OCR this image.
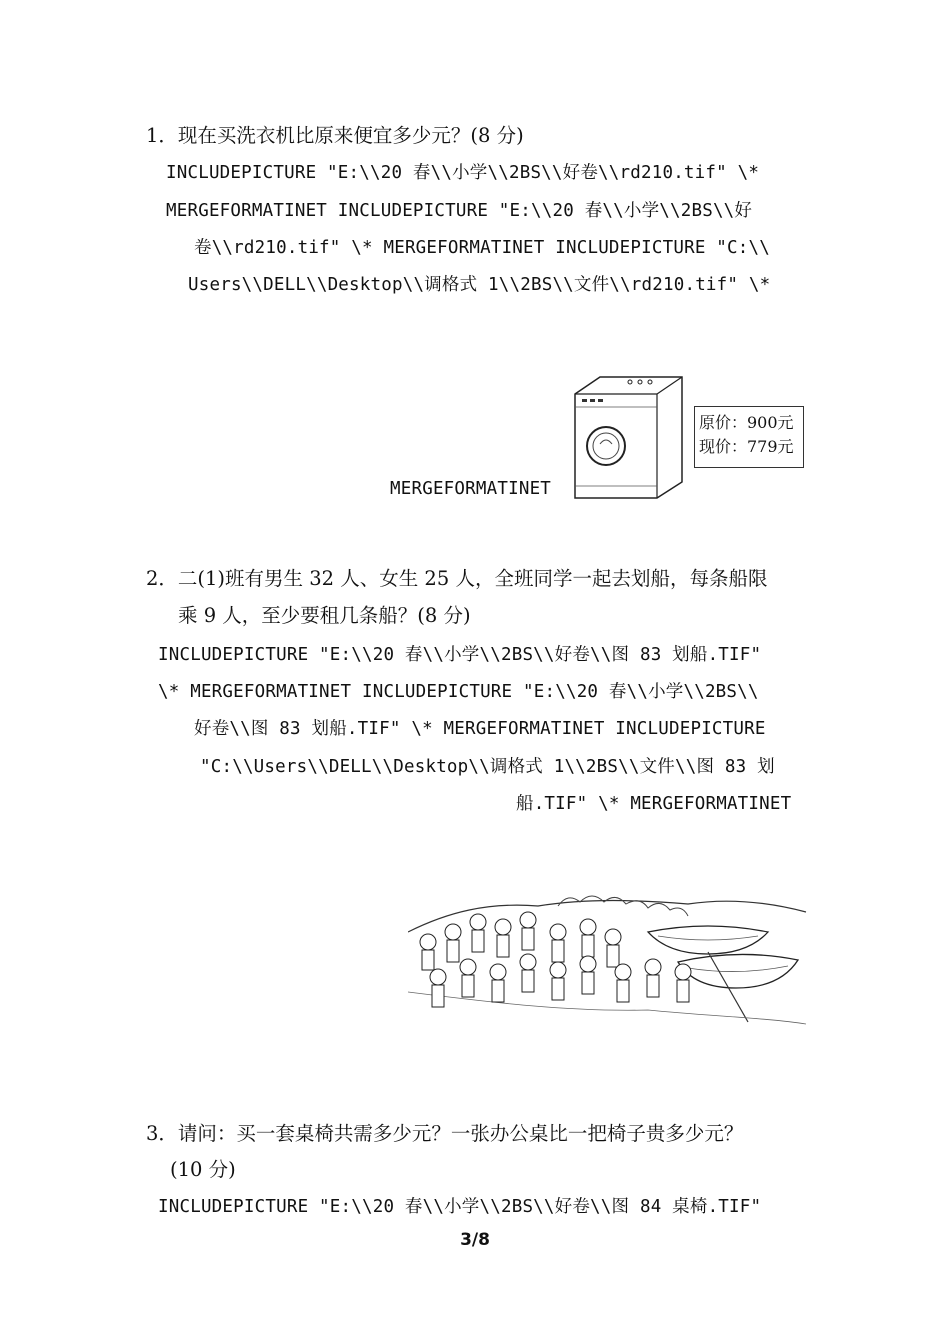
1．现在买洗衣机比原来便宜多少元？(8 分)
INCLUDEPICTURE "E:\\20 春\\小学\\2BS\\好卷\\rd210.tif" \*
MERGEFORMATINET INCLUDEPICTURE "E:\\20 春\\小学\\2BS\\好
卷\\rd210.tif" \* MERGEFORMATINET INCLUDEPICTURE "C:\\
Users\\DELL\\Desktop\\调格式 1\\2BS\\文件\\rd210.tif" \*
原价：900元
现价：779元
MERGEFORMATINET
2．二(1)班有男生 32 人、女生 25 人，全班同学一起去划船，每条船限
乘 9 人，至少要租几条船？(8 分)
INCLUDEPICTURE "E:\\20 春\\小学\\2BS\\好卷\\图 83 划船.TIF"
\* MERGEFORMATINET INCLUDEPICTURE "E:\\20 春\\小学\\2BS\\
好卷\\图 83 划船.TIF" \* MERGEFORMATINET INCLUDEPICTURE
"C:\\Users\\DELL\\Desktop\\调格式 1\\2BS\\文件\\图 83 划
船.TIF" \* MERGEFORMATINET
3．请问：买一套桌椅共需多少元？一张办公桌比一把椅子贵多少元？
(10 分)
INCLUDEPICTURE "E:\\20 春\\小学\\2BS\\好卷\\图 84 桌椅.TIF"
3/8
